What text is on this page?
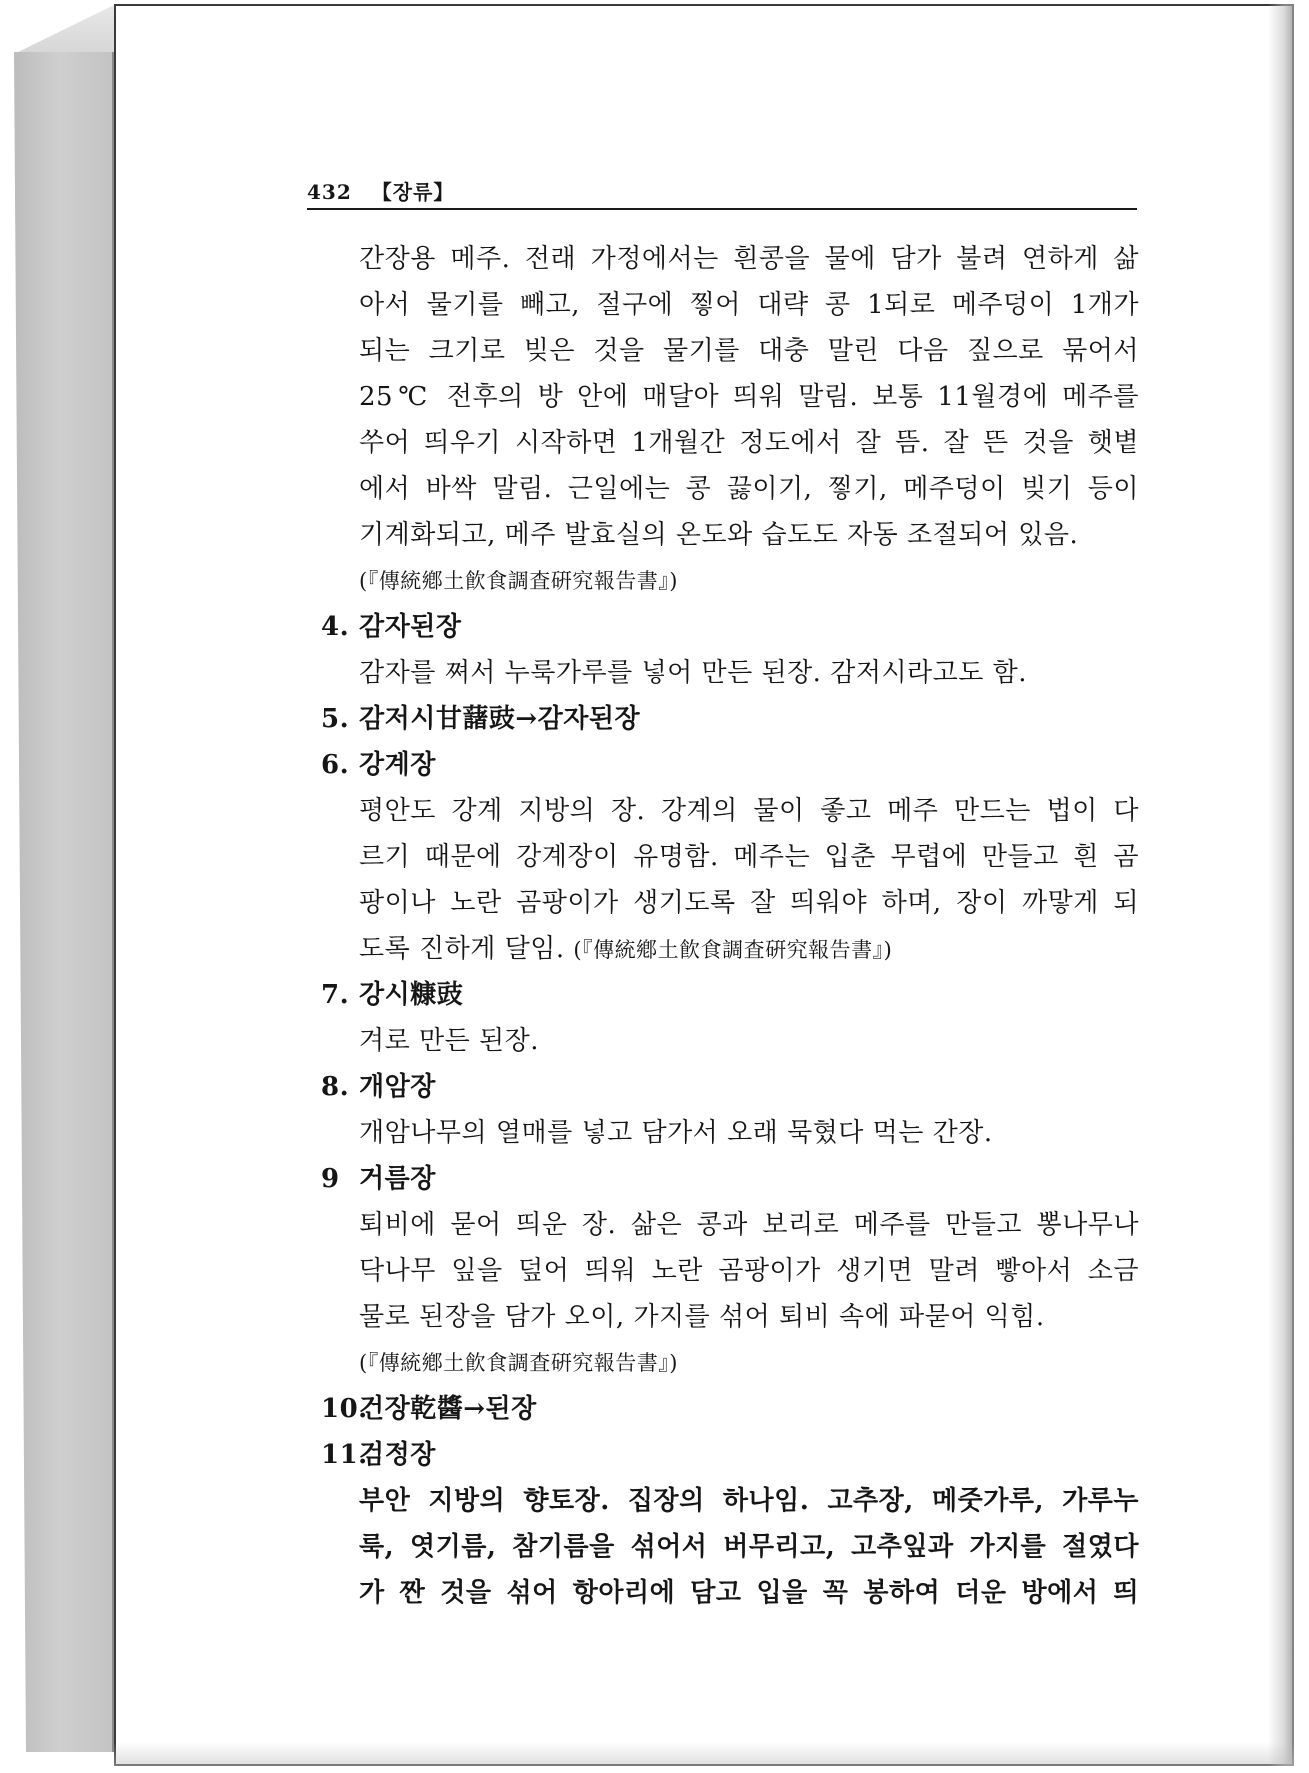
432 【장류】
간장용 메주. 전래 가정에서는 흰콩을 물에 담가 불려 연하게 삶
아서 물기를 빼고, 절구에 찧어 대략 콩 1되로 메주덩이 1개가
되는 크기로 빚은 것을 물기를 대충 말린 다음 짚으로 묶어서
25℃ 전후의 방 안에 매달아 띄워 말림. 보통 11월경에 메주를
쑤어 띄우기 시작하면 1개월간 정도에서 잘 뜸. 잘 뜬 것을 햇볕
에서 바싹 말림. 근일에는 콩 끓이기, 찧기, 메주덩이 빚기 등이
기계화되고, 메주 발효실의 온도와 습도도 자동 조절되어 있음.
(『傳統鄕土飮食調査硏究報告書』)
4. 감자된장
감자를 쪄서 누룩가루를 넣어 만든 된장. 감저시라고도 함.
5. 감저시甘藷豉→감자된장
6. 강계장
평안도 강계 지방의 장. 강계의 물이 좋고 메주 만드는 법이 다
르기 때문에 강계장이 유명함. 메주는 입춘 무렵에 만들고 흰 곰
팡이나 노란 곰팡이가 생기도록 잘 띄워야 하며, 장이 까맣게 되
도록 진하게 달임. (『傳統鄕土飮食調査硏究報告書』)
7. 강시糠豉
겨로 만든 된장.
8. 개암장
개암나무의 열매를 넣고 담가서 오래 묵혔다 먹는 간장.
9 거름장
퇴비에 묻어 띄운 장. 삶은 콩과 보리로 메주를 만들고 뽕나무나
닥나무 잎을 덮어 띄워 노란 곰팡이가 생기면 말려 빻아서 소금
물로 된장을 담가 오이, 가지를 섞어 퇴비 속에 파묻어 익힘.
(『傳統鄕土飮食調査硏究報告書』)
10.건장乾醬→된장
11.검정장
부안 지방의 향토장. 집장의 하나임. 고추장, 메줏가루, 가루누
룩, 엿기름, 참기름을 섞어서 버무리고, 고추잎과 가지를 절였다
가 짠 것을 섞어 항아리에 담고 입을 꼭 봉하여 더운 방에서 띄
